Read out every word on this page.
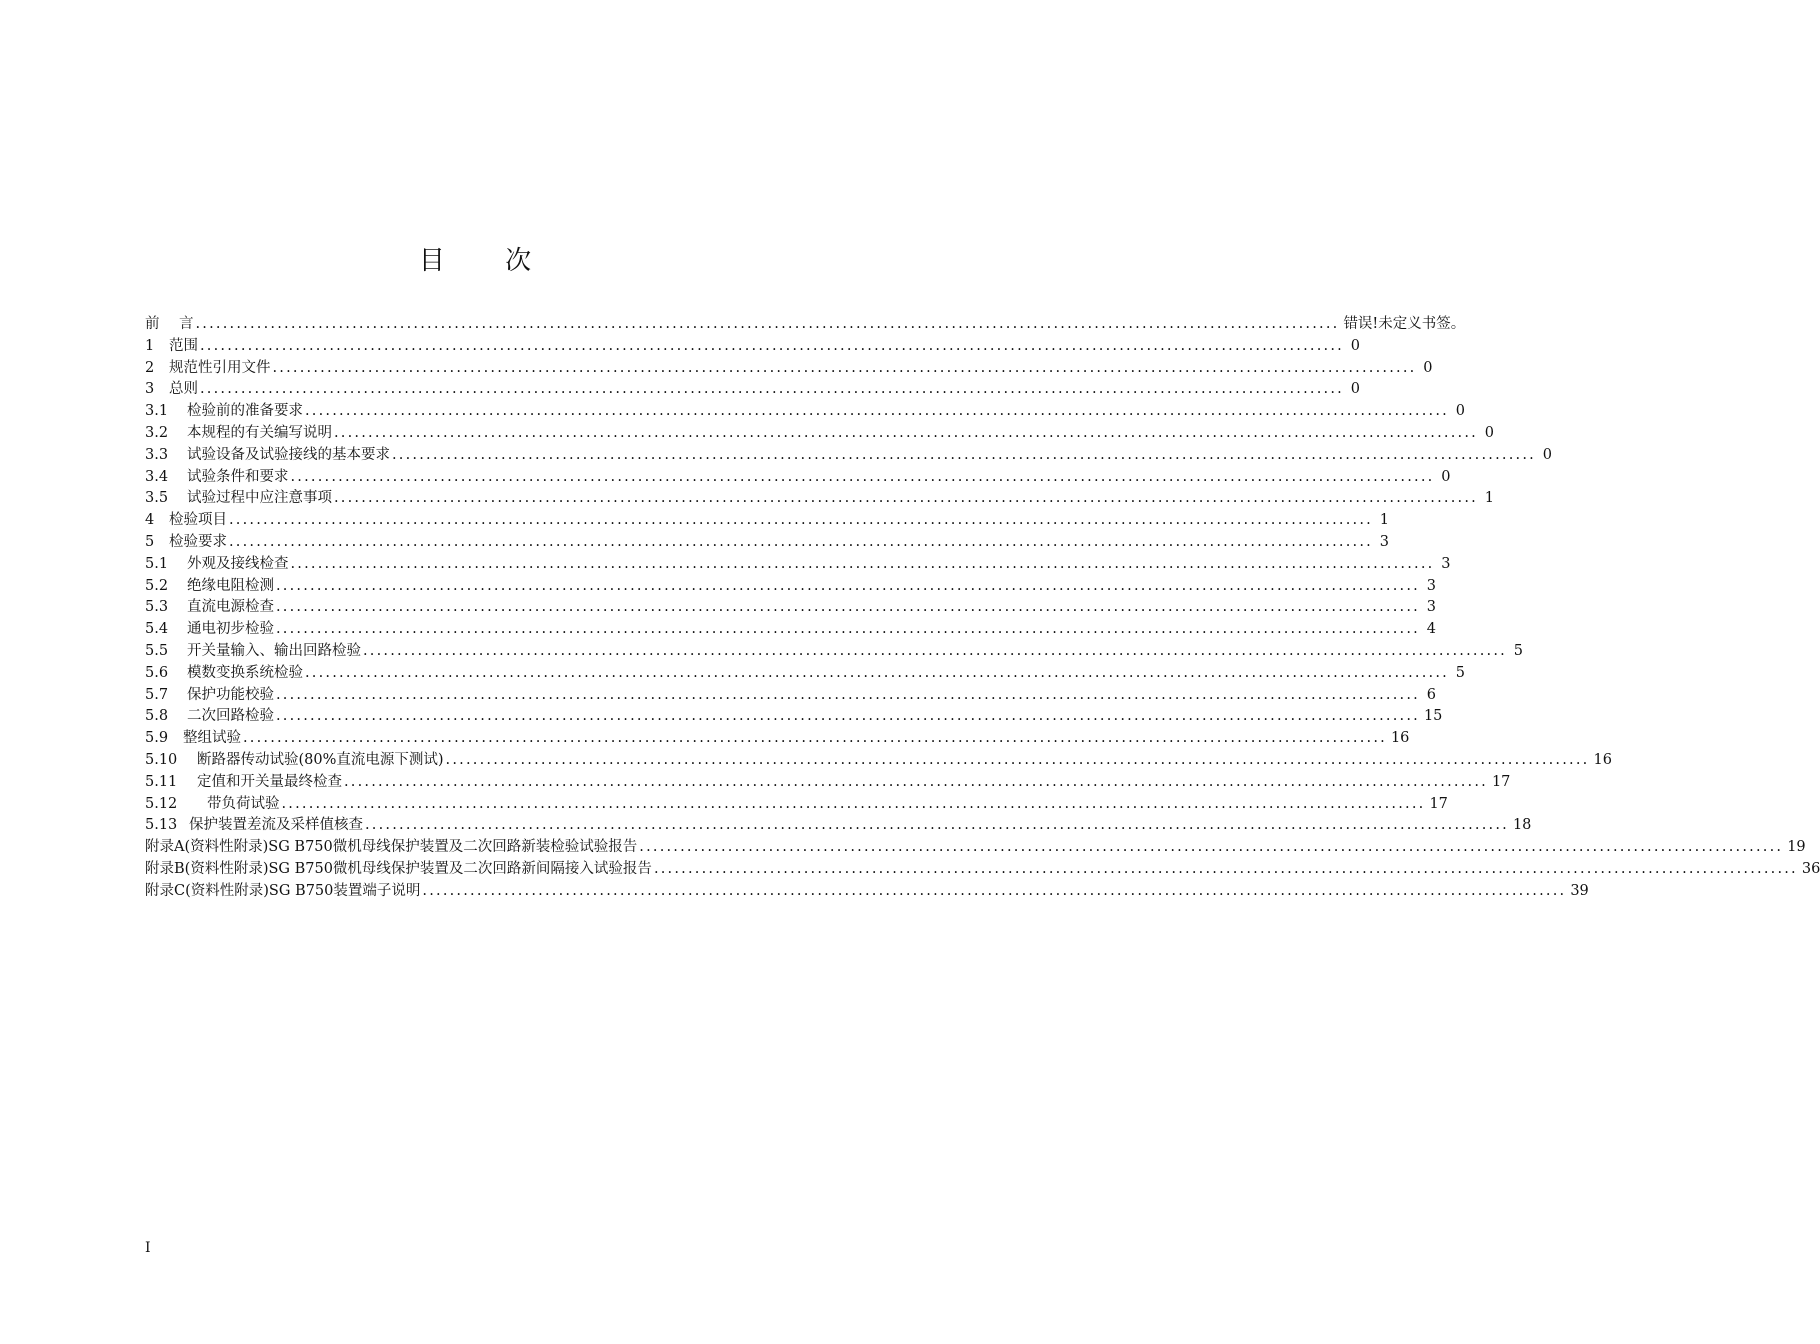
目 次
前	言 .....	错误!未定义书签。
1	范围 .....	0
2	规范性引用文件 .....	0
3	总则 .....	0
3.1	检验前的准备要求 .....	0
3.2	本规程的有关编写说明 .....	0
3.3	试验设备及试验接线的基本要求 .....	0
3.4	试验条件和要求 .....	0
3.5	试验过程中应注意事项 .....	1
4	检验项目 .....	1
5	检验要求 .....	3
5.1	外观及接线检查 .....	3
5.2	绝缘电阻检测 .....	3
5.3	直流电源检查 .....	3
5.4	通电初步检验 .....	4
5.5	开关量输入、输出回路检验 .....	5
5.6	模数变换系统检验 .....	5
5.7	保护功能校验 .....	6
5.8	二次回路检验 .....	15
5.9	整组试验 .....	16
5.10	断路器传动试验(80%直流电源下测试) .....	16
5.11	定值和开关量最终检查 .....	17
5.12	带负荷试验 .....	17
5.13 保护装置差流及采样值核查 .....	18
附录A (资料性附录)SG B750微机母线保护装置及二次回路新装检验试验报告 .....	19
附录B (资料性附录)SG B750微机母线保护装置及二次回路新间隔接入试验报告 .....	36
附录C (资料性附录)SG B750装置端子说明 .....	39
I
